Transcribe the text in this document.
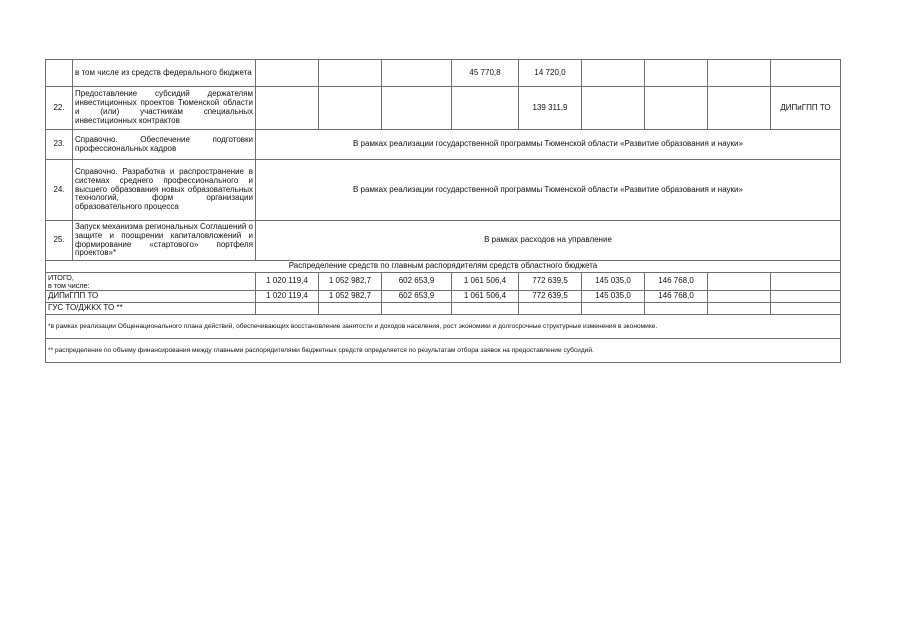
	в том числе из средств федерального бюджета				45 770,8	14 720,0				
22.	Предоставление субсидий держателям инвестиционных проектов Тюменской области и (или) участникам специальных инвестиционных контрактов					139 311,9				ДИПиГПП ТО
23.	Справочно. Обеспечение подготовки профессиональных кадров	В рамках реализации государственной программы Тюменской области «Развитие образования и науки»								
24.	Справочно. Разработка и распространение в системах среднего профессионального и высшего образования новых образовательных технологий, форм организации образовательного процесса	В рамках реализации государственной программы Тюменской области «Развитие образования и науки»								
25.	Запуск механизма региональных Соглашений о защите и поощрении капиталовложений и формирование «стартового» портфеля проектов»*	В рамках расходов на управление								
Распределение средств по главным распорядителям средств областного бюджета										

ИТОГО,
в том числе:		1 020 119,4	1 052 982,7	602 653,9	1 061 506,4	772 639,5	145 035,0	146 768,0		
ДИПиГПП ТО		1 020 119,4	1 052 982,7	602 653,9	1 061 506,4	772 639,5	145 035,0	146 768,0		
ГУС ТО/ДЖКХ ТО **										
*в рамках реализации Общенационального плана действий, обеспечивающих восстановление занятости и доходов населения, рост экономики и долгосрочные структурные изменения в экономике.										
** распределение по объему финансирования между главными распорядителями бюджетных средств определяется по результатам отбора заявок на предоставление субсидий.										
